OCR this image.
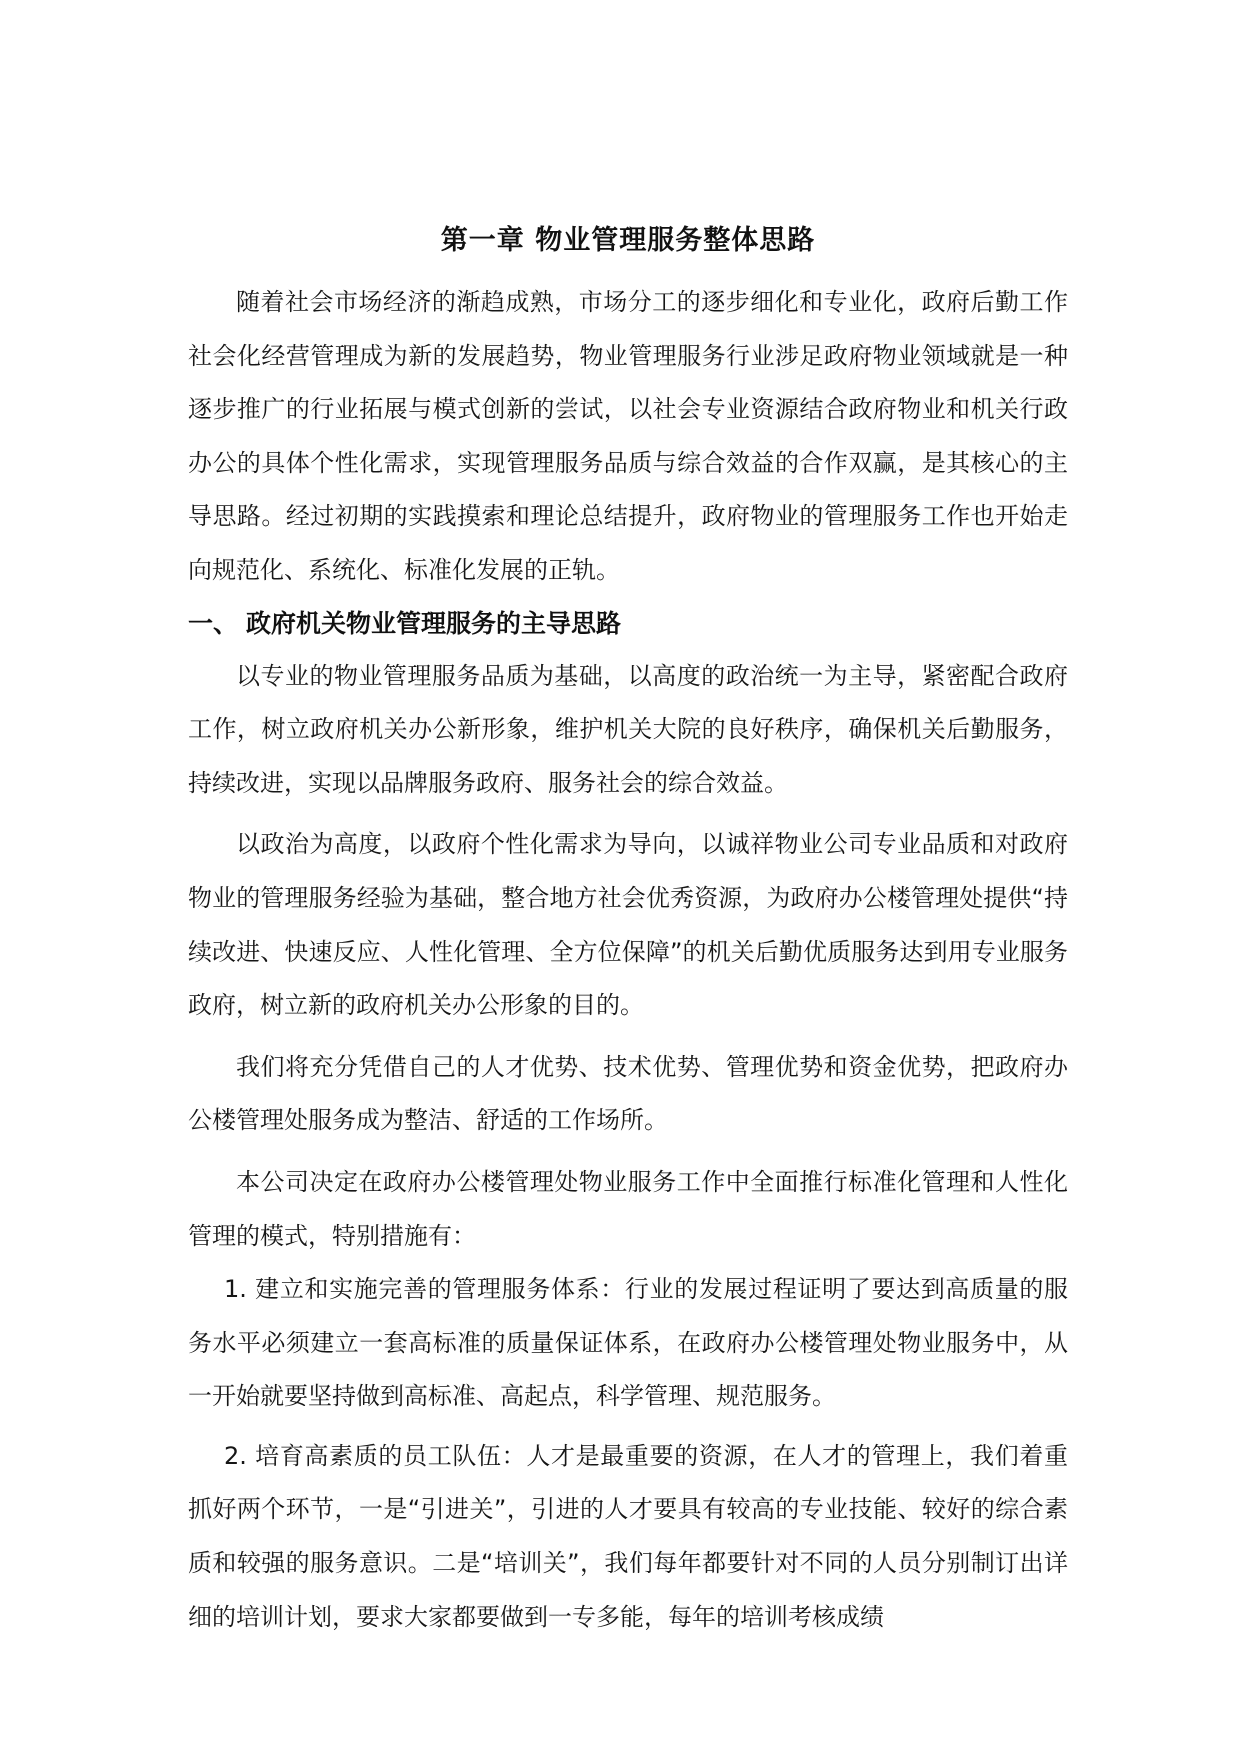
第一章 物业管理服务整体思路

随着社会市场经济的渐趋成熟，市场分工的逐步细化和专业化，政府后勤工作社会化经营管理成为新的发展趋势，物业管理服务行业涉足政府物业领域就是一种逐步推广的行业拓展与模式创新的尝试，以社会专业资源结合政府物业和机关行政办公的具体个性化需求，实现管理服务品质与综合效益的合作双赢，是其核心的主导思路。经过初期的实践摸索和理论总结提升，政府物业的管理服务工作也开始走向规范化、系统化、标准化发展的正轨。

一、 政府机关物业管理服务的主导思路

以专业的物业管理服务品质为基础，以高度的政治统一为主导，紧密配合政府工作，树立政府机关办公新形象，维护机关大院的良好秩序，确保机关后勤服务，持续改进，实现以品牌服务政府、服务社会的综合效益。

以政治为高度，以政府个性化需求为导向，以诚祥物业公司专业品质和对政府物业的管理服务经验为基础，整合地方社会优秀资源，为政府办公楼管理处提供“持续改进、快速反应、人性化管理、全方位保障”的机关后勤优质服务达到用专业服务政府，树立新的政府机关办公形象的目的。

我们将充分凭借自己的人才优势、技术优势、管理优势和资金优势，把政府办公楼管理处服务成为整洁、舒适的工作场所。

本公司决定在政府办公楼管理处物业服务工作中全面推行标准化管理和人性化管理的模式，特别措施有：

1. 建立和实施完善的管理服务体系：行业的发展过程证明了要达到高质量的服务水平必须建立一套高标准的质量保证体系，在政府办公楼管理处物业服务中，从一开始就要坚持做到高标准、高起点，科学管理、规范服务。

2. 培育高素质的员工队伍：人才是最重要的资源，在人才的管理上，我们着重抓好两个环节，一是“引进关”，引进的人才要具有较高的专业技能、较好的综合素质和较强的服务意识。二是“培训关”，我们每年都要针对不同的人员分别制订出详细的培训计划，要求大家都要做到一专多能，每年的培训考核成绩
